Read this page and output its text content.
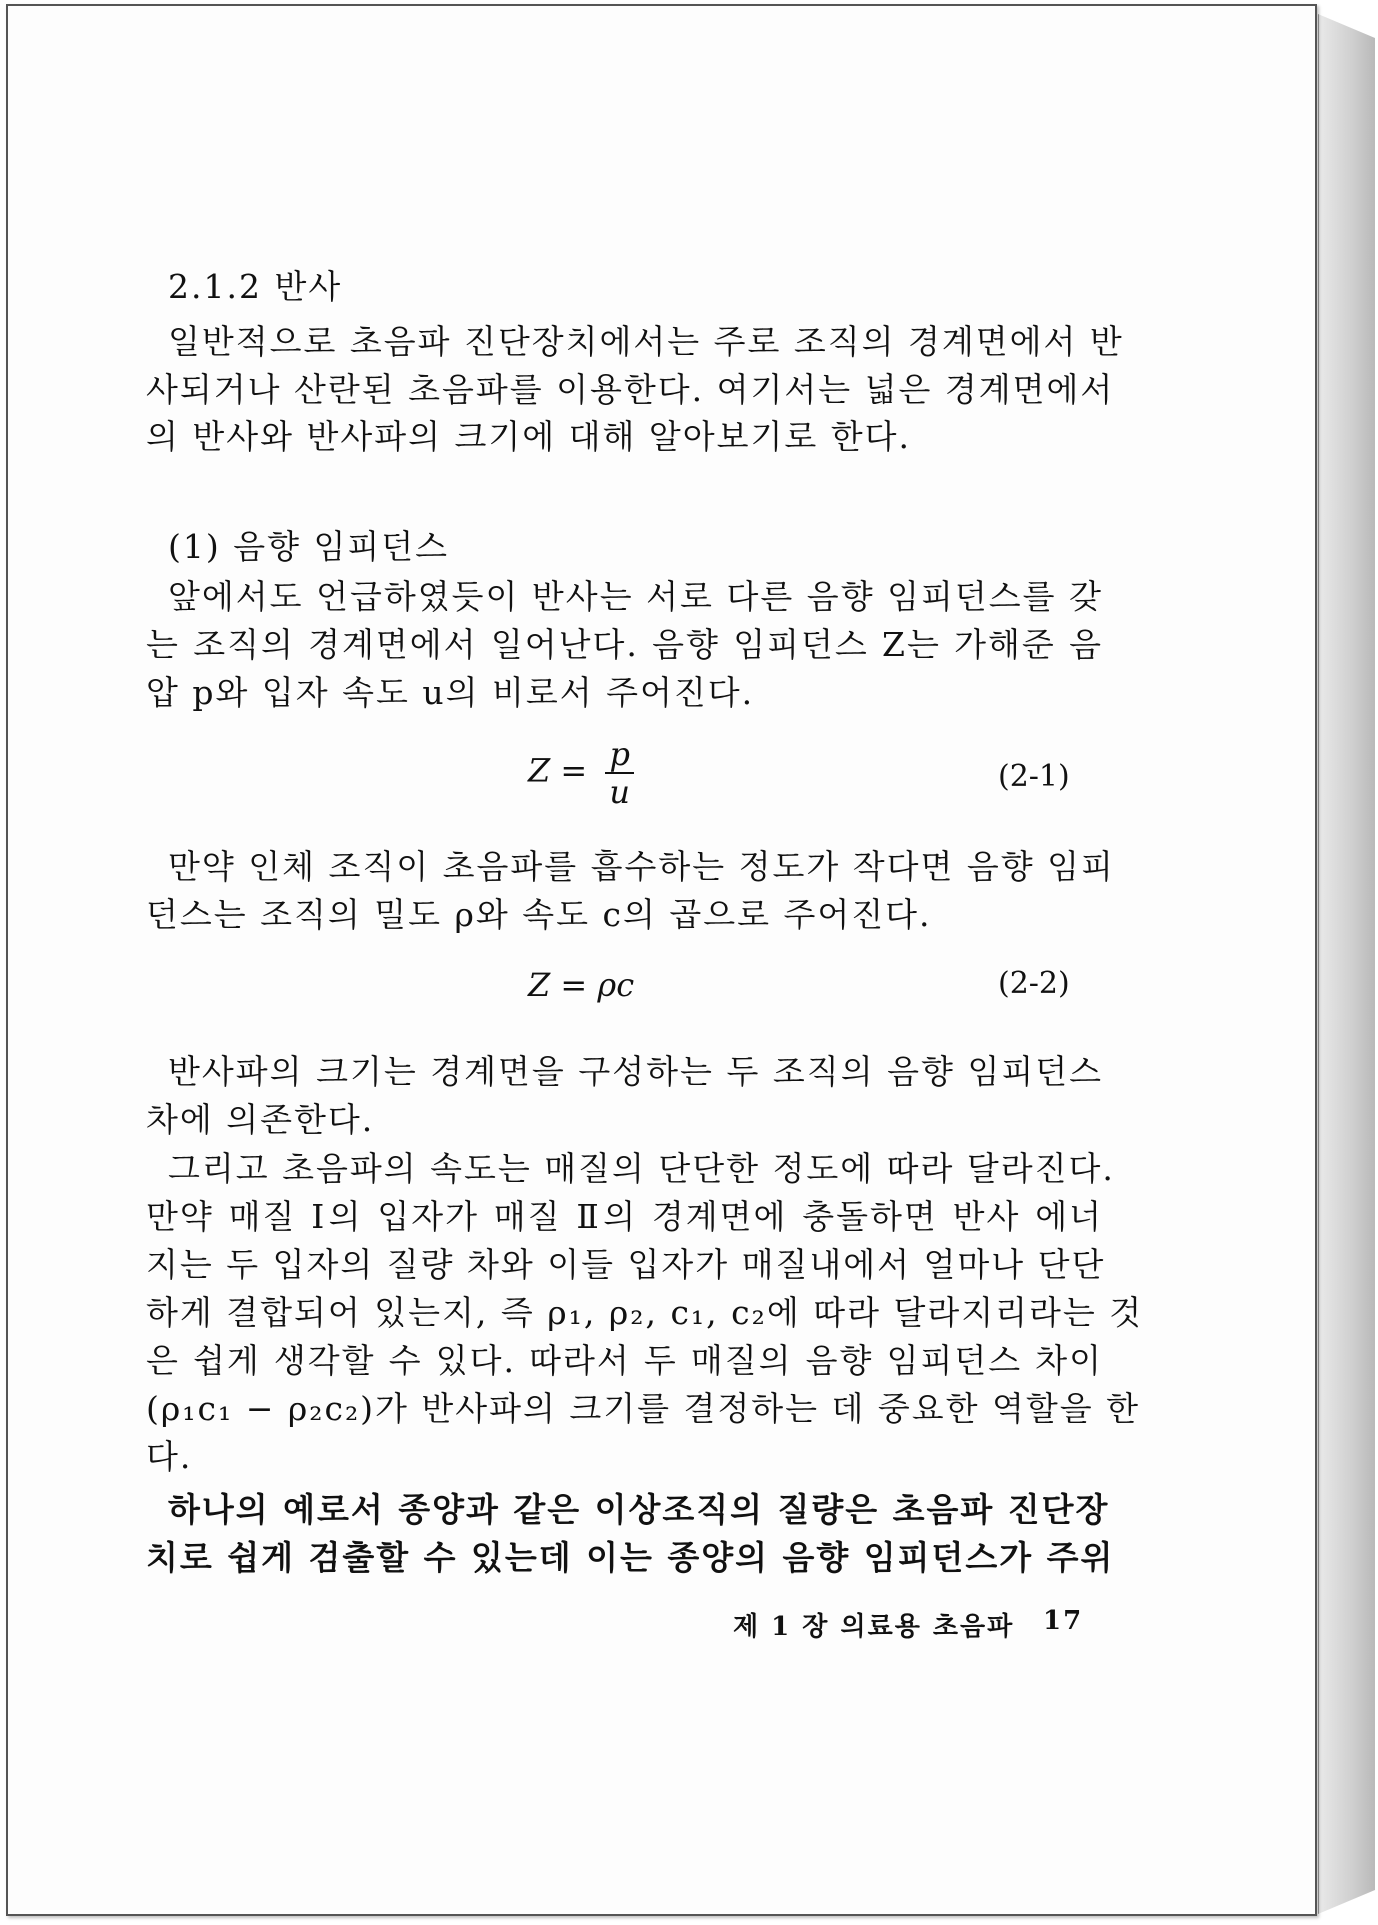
2.1.2 반사
일반적으로 초음파 진단장치에서는 주로 조직의 경계면에서 반
사되거나 산란된 초음파를 이용한다. 여기서는 넓은 경계면에서
의 반사와 반사파의 크기에 대해 알아보기로 한다.
(1) 음향 임피던스
앞에서도 언급하였듯이 반사는 서로 다른 음향 임피던스를 갖
는 조직의 경계면에서 일어난다. 음향 임피던스 Z는 가해준 음
압 p와 입자 속도 u의 비로서 주어진다.
$Z = \frac{p}{u}$	(2-1)
만약 인체 조직이 초음파를 흡수하는 정도가 작다면 음향 임피
던스는 조직의 밀도 ρ와 속도 c의 곱으로 주어진다.
Z = ρc	(2-2)
반사파의 크기는 경계면을 구성하는 두 조직의 음향 임피던스
차에 의존한다.
그리고 초음파의 속도는 매질의 단단한 정도에 따라 달라진다.
만약 매질 Ⅰ의 입자가 매질 Ⅱ의 경계면에 충돌하면 반사 에너
지는 두 입자의 질량 차와 이들 입자가 매질내에서 얼마나 단단
하게 결합되어 있는지, 즉 ρ₁, ρ₂, c₁, c₂에 따라 달라지리라는 것
은 쉽게 생각할 수 있다. 따라서 두 매질의 음향 임피던스 차이
(ρ₁c₁ − ρ₂c₂)가 반사파의 크기를 결정하는 데 중요한 역할을 한
다.
하나의 예로서 종양과 같은 이상조직의 질량은 초음파 진단장
치로 쉽게 검출할 수 있는데 이는 종양의 음향 임피던스가 주위
제 1 장 의료용 초음파 17
